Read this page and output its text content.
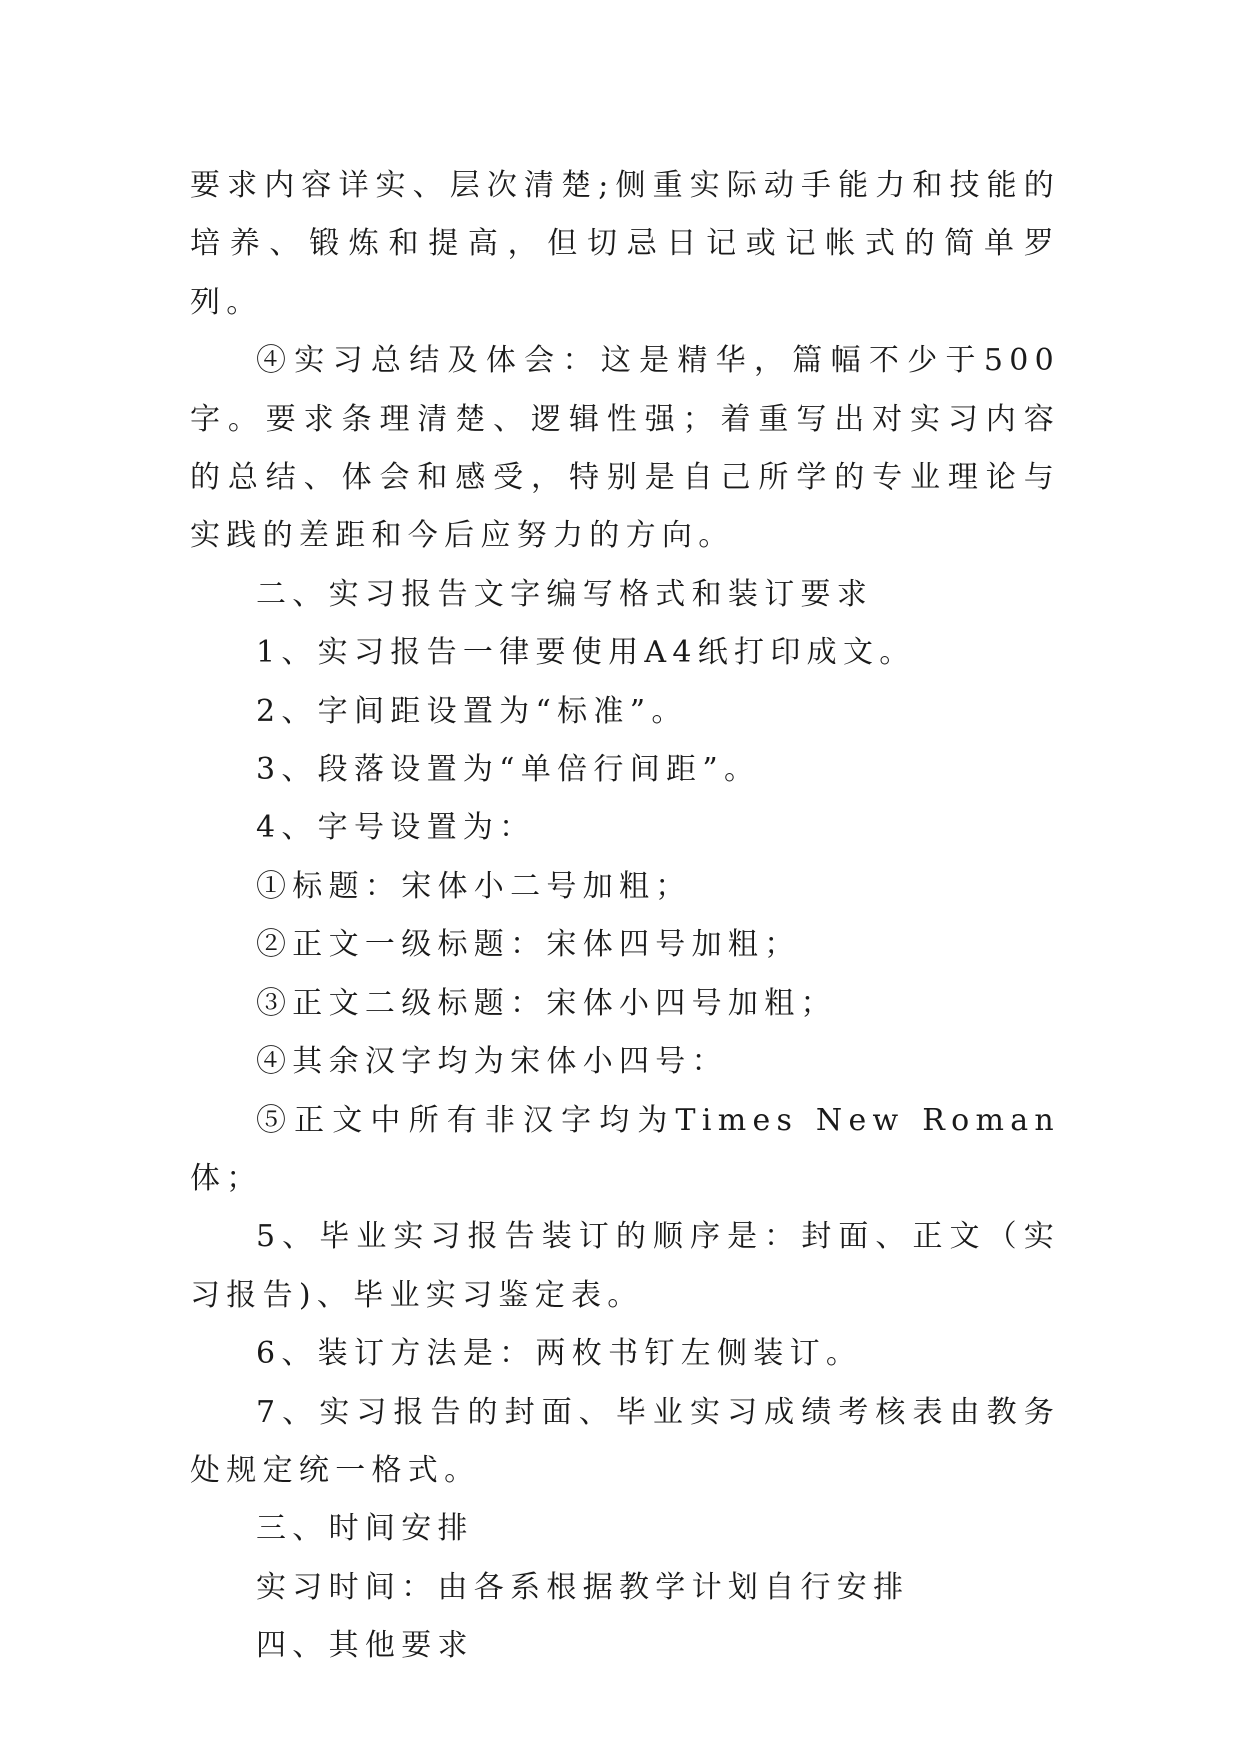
要求内容详实、层次清楚;侧重实际动手能力和技能的培养、锻炼和提高，但切忌日记或记帐式的简单罗列。

④实习总结及体会：这是精华，篇幅不少于500字。要求条理清楚、逻辑性强；着重写出对实习内容的总结、体会和感受，特别是自己所学的专业理论与实践的差距和今后应努力的方向。

二、实习报告文字编写格式和装订要求

1、实习报告一律要使用A4纸打印成文。

2、字间距设置为“标准”。

3、段落设置为“单倍行间距”。

4、字号设置为：

①标题：宋体小二号加粗；

②正文一级标题：宋体四号加粗；

③正文二级标题：宋体小四号加粗；

④其余汉字均为宋体小四号：

⑤正文中所有非汉字均为Times New Roman体；

5、毕业实习报告装订的顺序是：封面、正文（实习报告)、毕业实习鉴定表。

6、装订方法是：两枚书钉左侧装订。

7、实习报告的封面、毕业实习成绩考核表由教务处规定统一格式。

三、时间安排

实习时间：由各系根据教学计划自行安排

四、其他要求
